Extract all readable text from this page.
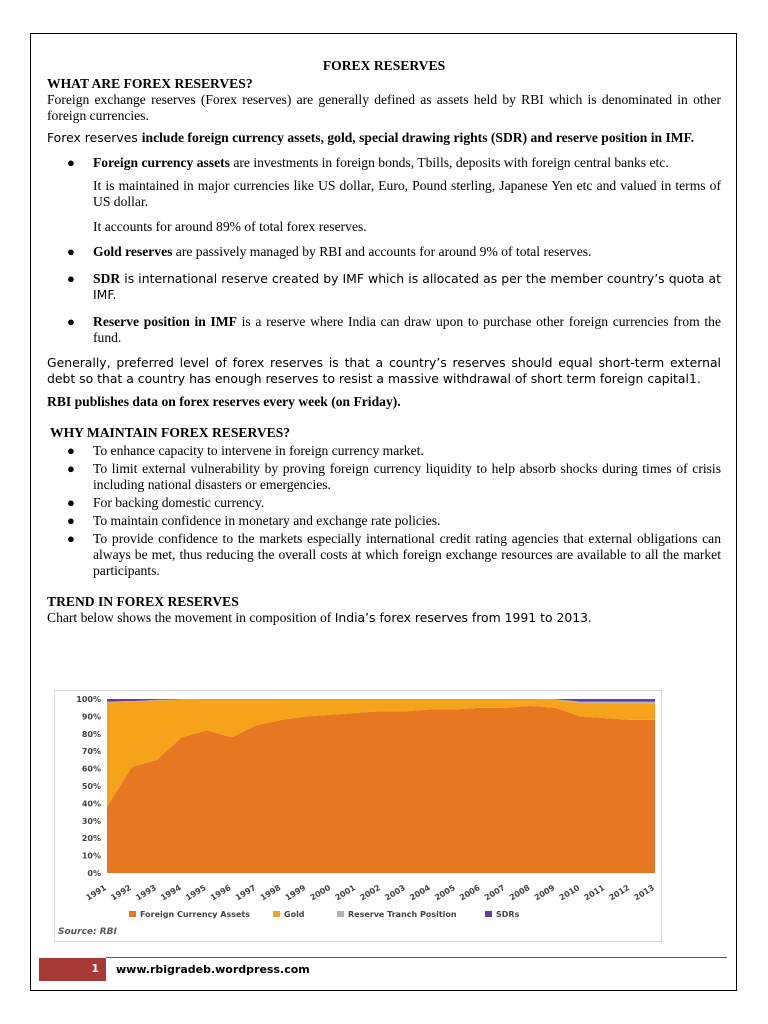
FOREX RESERVES
WHAT ARE FOREX RESERVES?

Foreign exchange reserves (Forex reserves) are generally defined as assets held by RBI which is denominated in other foreign currencies.

Forex reserves include foreign currency assets, gold, special drawing rights (SDR) and reserve position in IMF.

● Foreign currency assets are investments in foreign bonds, Tbills, deposits with foreign central banks etc.
It is maintained in major currencies like US dollar, Euro, Pound sterling, Japanese Yen etc and valued in terms of US dollar.
It accounts for around 89% of total forex reserves.
● Gold reserves are passively managed by RBI and accounts for around 9% of total reserves.
● SDR is international reserve created by IMF which is allocated as per the member country’s quota at IMF.
● Reserve position in IMF is a reserve where India can draw upon to purchase other foreign currencies from the fund.

Generally, preferred level of forex reserves is that a country’s reserves should equal short-term external debt so that a country has enough reserves to resist a massive withdrawal of short term foreign capital1.

RBI publishes data on forex reserves every week (on Friday).

WHY MAINTAIN FOREX RESERVES?
● To enhance capacity to intervene in foreign currency market.
● To limit external vulnerability by proving foreign currency liquidity to help absorb shocks during times of crisis including national disasters or emergencies.
● For backing domestic currency.
● To maintain confidence in monetary and exchange rate policies.
● To provide confidence to the markets especially international credit rating agencies that external obligations can always be met, thus reducing the overall costs at which foreign exchange resources are available to all the market participants.
TREND IN FOREX RESERVES

Chart below shows the movement in composition of India’s forex reserves from 1991 to 2013.

0%
10%
20%
30%
40%
50%
60%
70%
80%
90%
100%
1991 1992 1993 1994 1995 1996 1997 1998 1999 2000 2001 2002 2003 2004 2005 2006 2007 2008 2009 2010 2011 2012 2013
Foreign Currency Assets	Gold	Reserve Tranch Position	SDRs
Source: RBI
1 www.rbigradeb.wordpress.com
